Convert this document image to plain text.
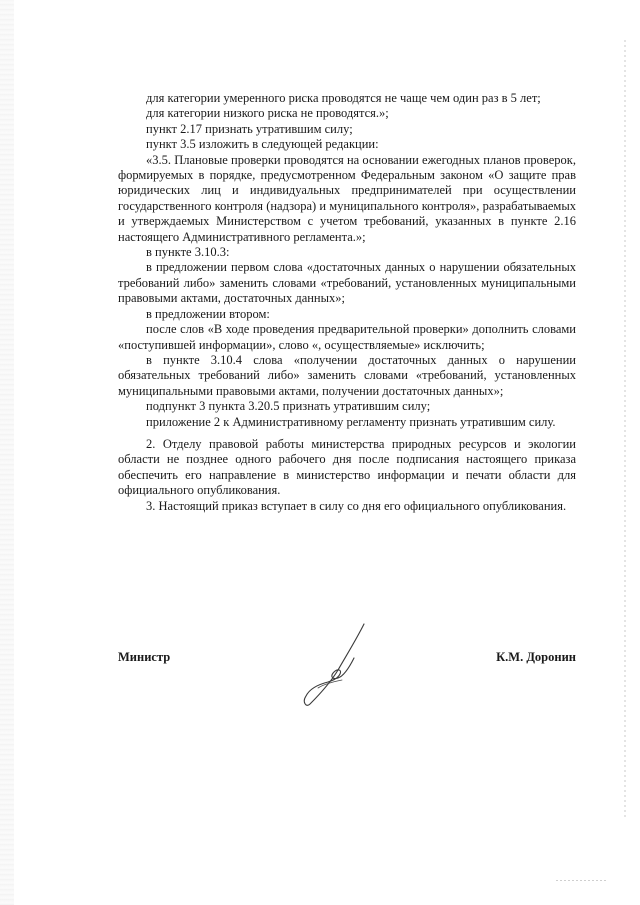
для категории умеренного риска проводятся не чаще чем один раз в 5 лет;

для категории низкого риска не проводятся.»;

пункт 2.17 признать утратившим силу;

пункт 3.5 изложить в следующей редакции:

«3.5. Плановые проверки проводятся на основании ежегодных планов проверок, формируемых в порядке, предусмотренном Федеральным законом «О защите прав юридических лиц и индивидуальных предпринимателей при осуществлении государственного контроля (надзора) и муниципального контроля», разрабатываемых и утверждаемых Министерством с учетом требований, указанных в пункте 2.16 настоящего Административного регламента.»;

в пункте 3.10.3:

в предложении первом слова «достаточных данных о нарушении обязательных требований либо» заменить словами «требований, установленных муниципальными правовыми актами, достаточных данных»;

в предложении втором:

после слов «В ходе проведения предварительной проверки» дополнить словами «поступившей информации», слово «, осуществляемые» исключить;

в пункте 3.10.4 слова «получении достаточных данных о нарушении обязательных требований либо» заменить словами «требований, установленных муниципальными правовыми актами, получении достаточных данных»;

подпункт 3 пункта 3.20.5 признать утратившим силу;

приложение 2 к Административному регламенту признать утратившим силу.

2. Отделу правовой работы министерства природных ресурсов и экологии области не позднее одного рабочего дня после подписания настоящего приказа обеспечить его направление в министерство информации и печати области для официального опубликования.

3. Настоящий приказ вступает в силу со дня его официального опубликования.

Министр	К.М. Доронин
